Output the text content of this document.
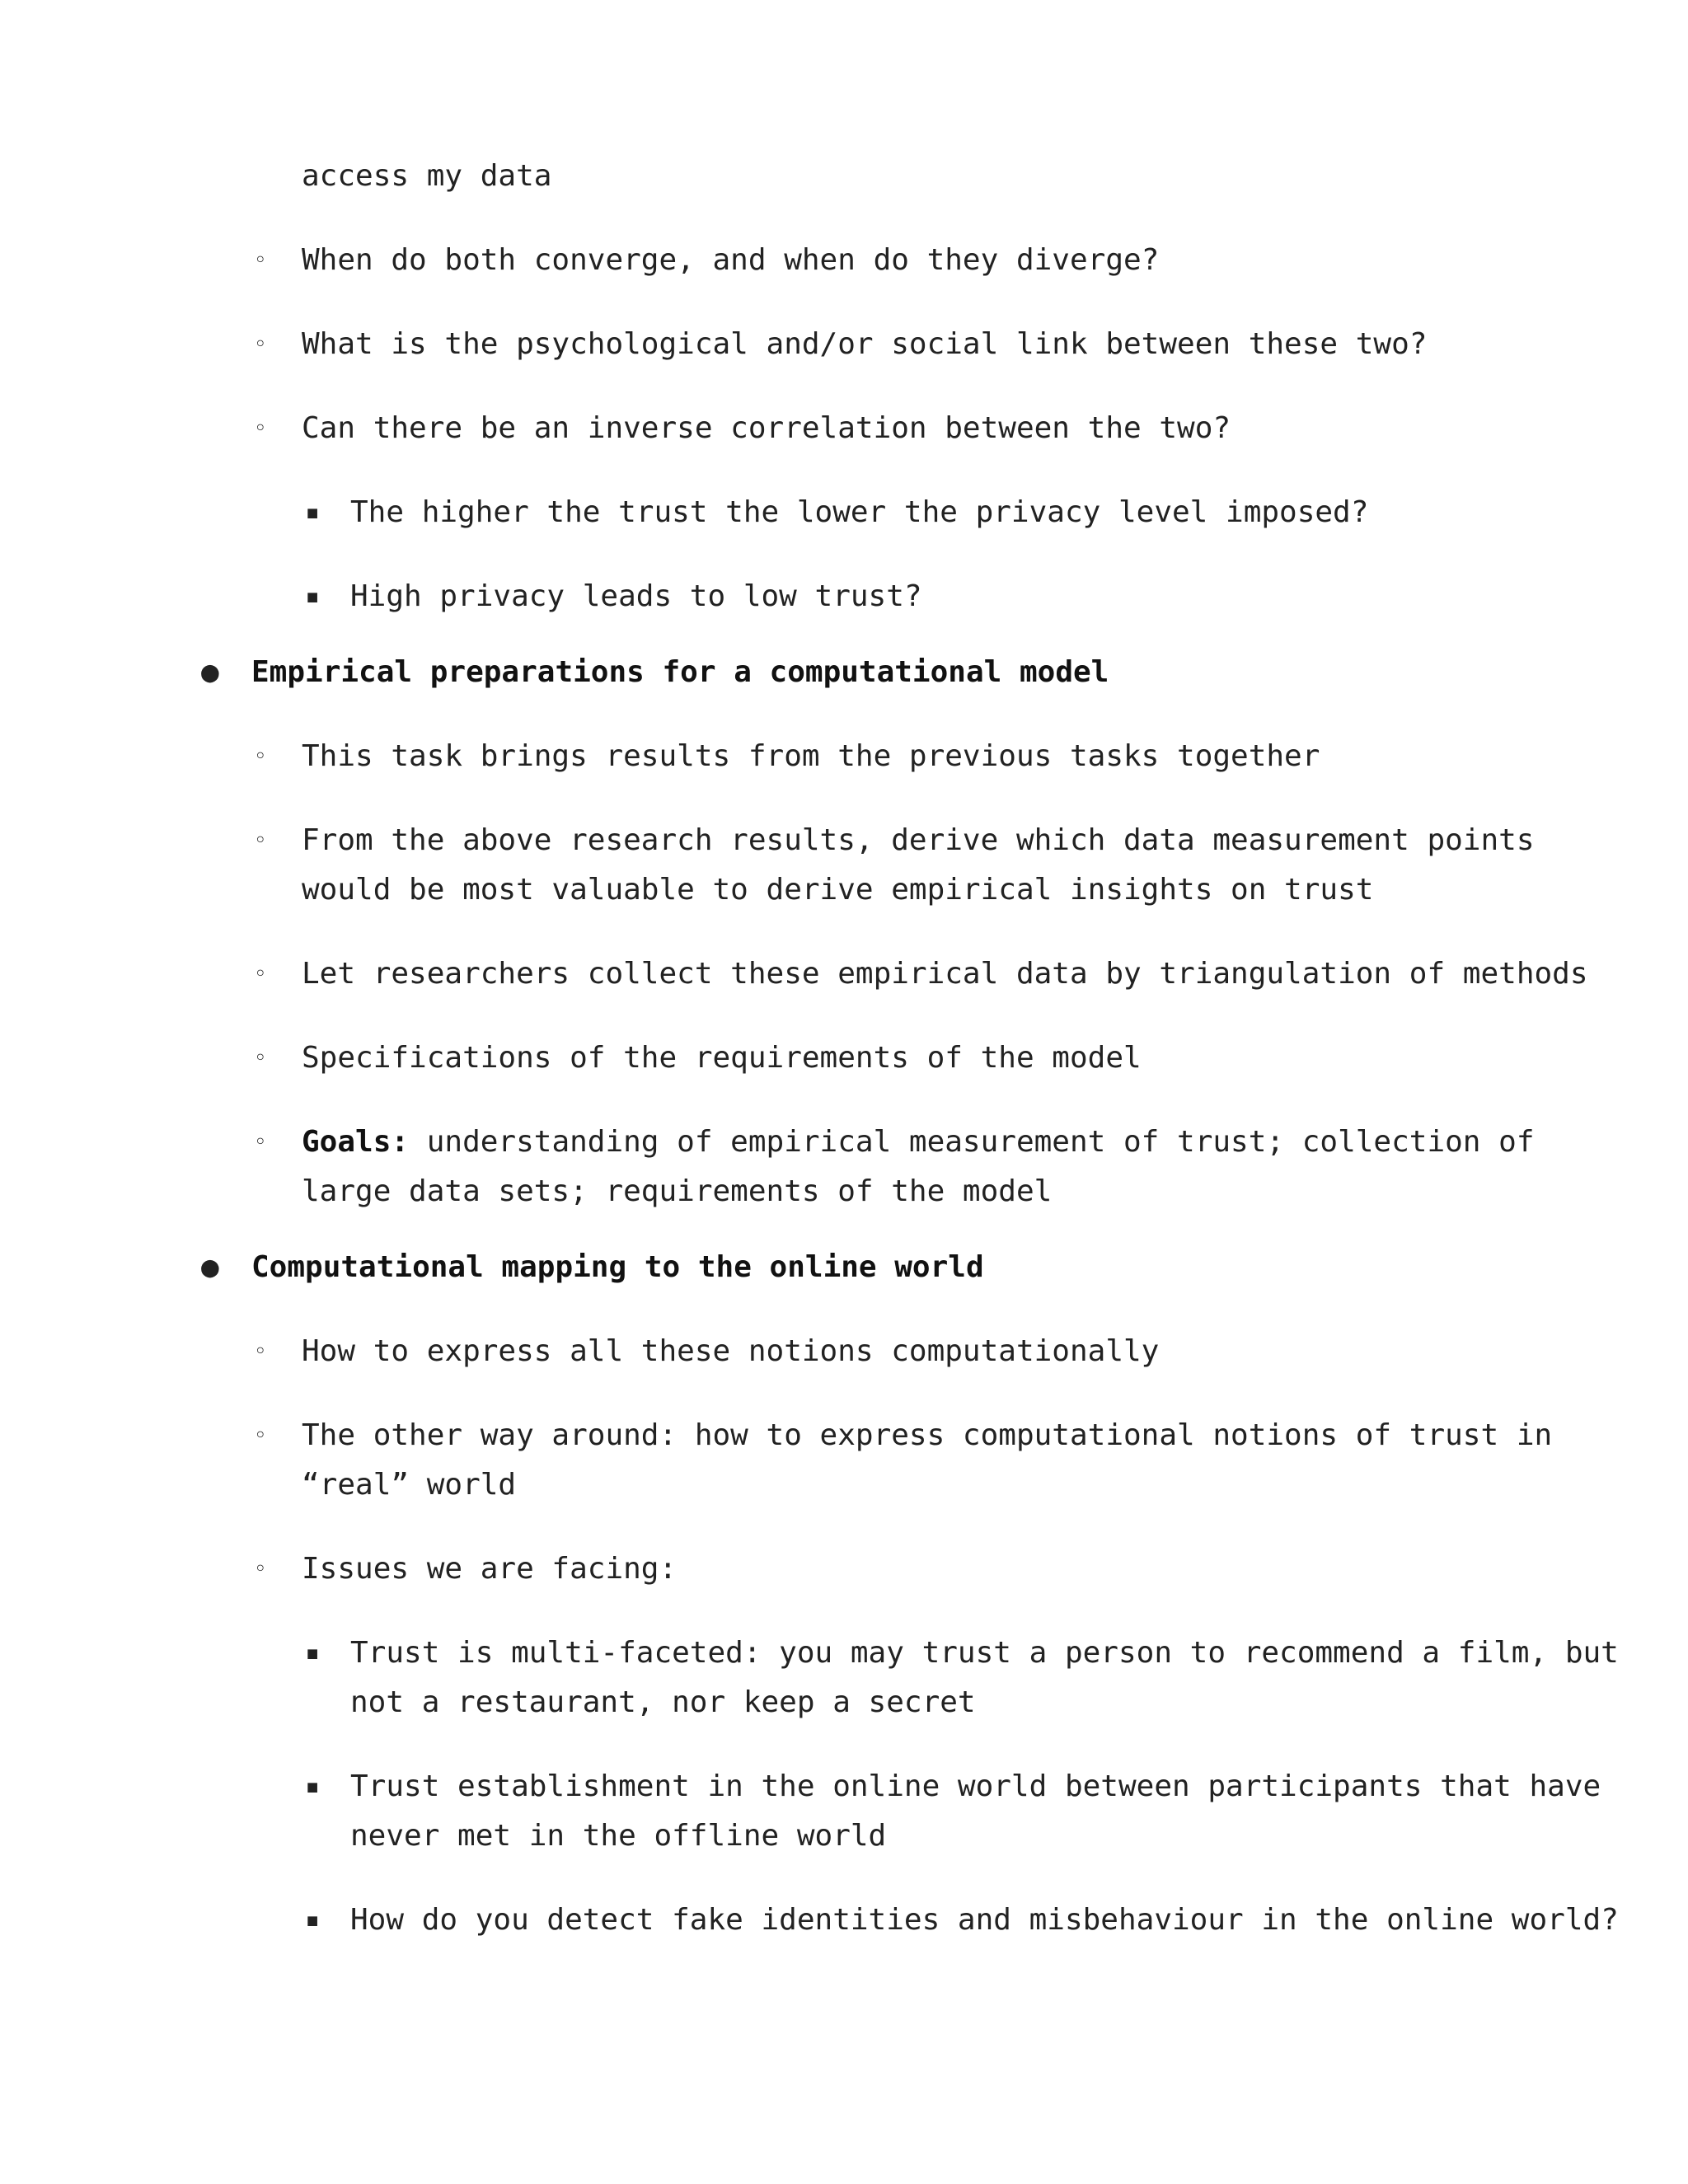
access my data
◦ When do both converge, and when do they diverge?
◦ What is the psychological and/or social link between these two?
◦ Can there be an inverse correlation between the two?
▪ The higher the trust the lower the privacy level imposed?
▪ High privacy leads to low trust?
● Empirical preparations for a computational model
◦ This task brings results from the previous tasks together
◦ From the above research results, derive which data measurement points
would be most valuable to derive empirical insights on trust
◦ Let researchers collect these empirical data by triangulation of methods
◦ Specifications of the requirements of the model
◦ Goals: understanding of empirical measurement of trust; collection of
large data sets; requirements of the model
● Computational mapping to the online world
◦ How to express all these notions computationally
◦ The other way around: how to express computational notions of trust in
“real” world
◦ Issues we are facing:
▪ Trust is multi-faceted: you may trust a person to recommend a film, but
not a restaurant, nor keep a secret
▪ Trust establishment in the online world between participants that have
never met in the offline world
▪ How do you detect fake identities and misbehaviour in the online world?
